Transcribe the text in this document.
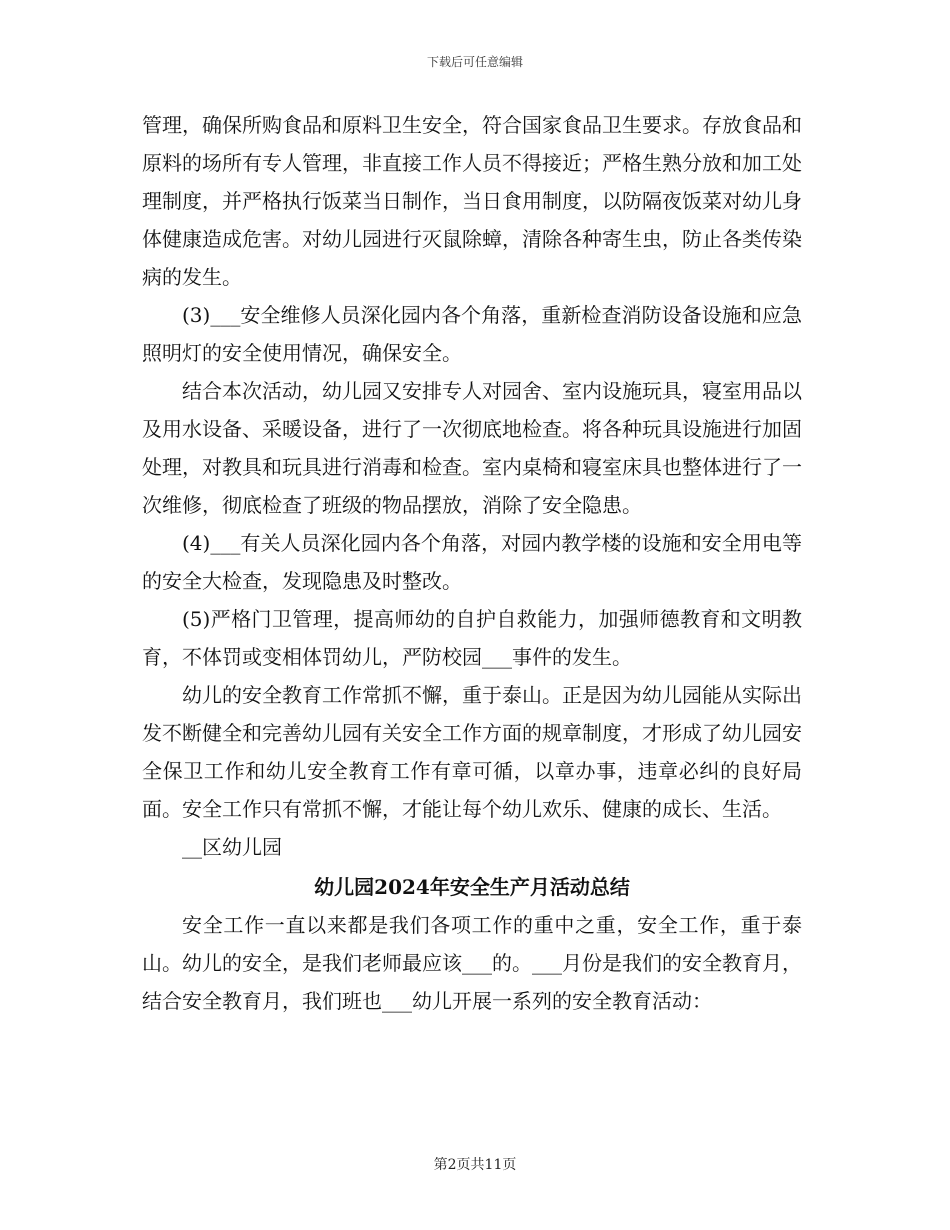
下载后可任意编辑

管理，确保所购食品和原料卫生安全，符合国家食品卫生要求。存放食品和原料的场所有专人管理，非直接工作人员不得接近；严格生熟分放和加工处理制度，并严格执行饭菜当日制作，当日食用制度，以防隔夜饭菜对幼儿身体健康造成危害。对幼儿园进行灭鼠除蟑，清除各种寄生虫，防止各类传染病的发生。

(3)___安全维修人员深化园内各个角落，重新检查消防设备设施和应急照明灯的安全使用情况，确保安全。

结合本次活动，幼儿园又安排专人对园舍、室内设施玩具，寝室用品以及用水设备、采暖设备，进行了一次彻底地检查。将各种玩具设施进行加固处理，对教具和玩具进行消毒和检查。室内桌椅和寝室床具也整体进行了一次维修，彻底检查了班级的物品摆放，消除了安全隐患。

(4)___有关人员深化园内各个角落，对园内教学楼的设施和安全用电等的安全大检查，发现隐患及时整改。

(5)严格门卫管理，提高师幼的自护自救能力，加强师德教育和文明教育，不体罚或变相体罚幼儿，严防校园___事件的发生。

幼儿的安全教育工作常抓不懈，重于泰山。正是因为幼儿园能从实际出发不断健全和完善幼儿园有关安全工作方面的规章制度，才形成了幼儿园安全保卫工作和幼儿安全教育工作有章可循，以章办事，违章必纠的良好局面。安全工作只有常抓不懈，才能让每个幼儿欢乐、健康的成长、生活。

__区幼儿园

幼儿园2024年安全生产月活动总结

安全工作一直以来都是我们各项工作的重中之重，安全工作，重于泰山。幼儿的安全，是我们老师最应该___的。___月份是我们的安全教育月，结合安全教育月，我们班也___幼儿开展一系列的安全教育活动：

第2页共11页
